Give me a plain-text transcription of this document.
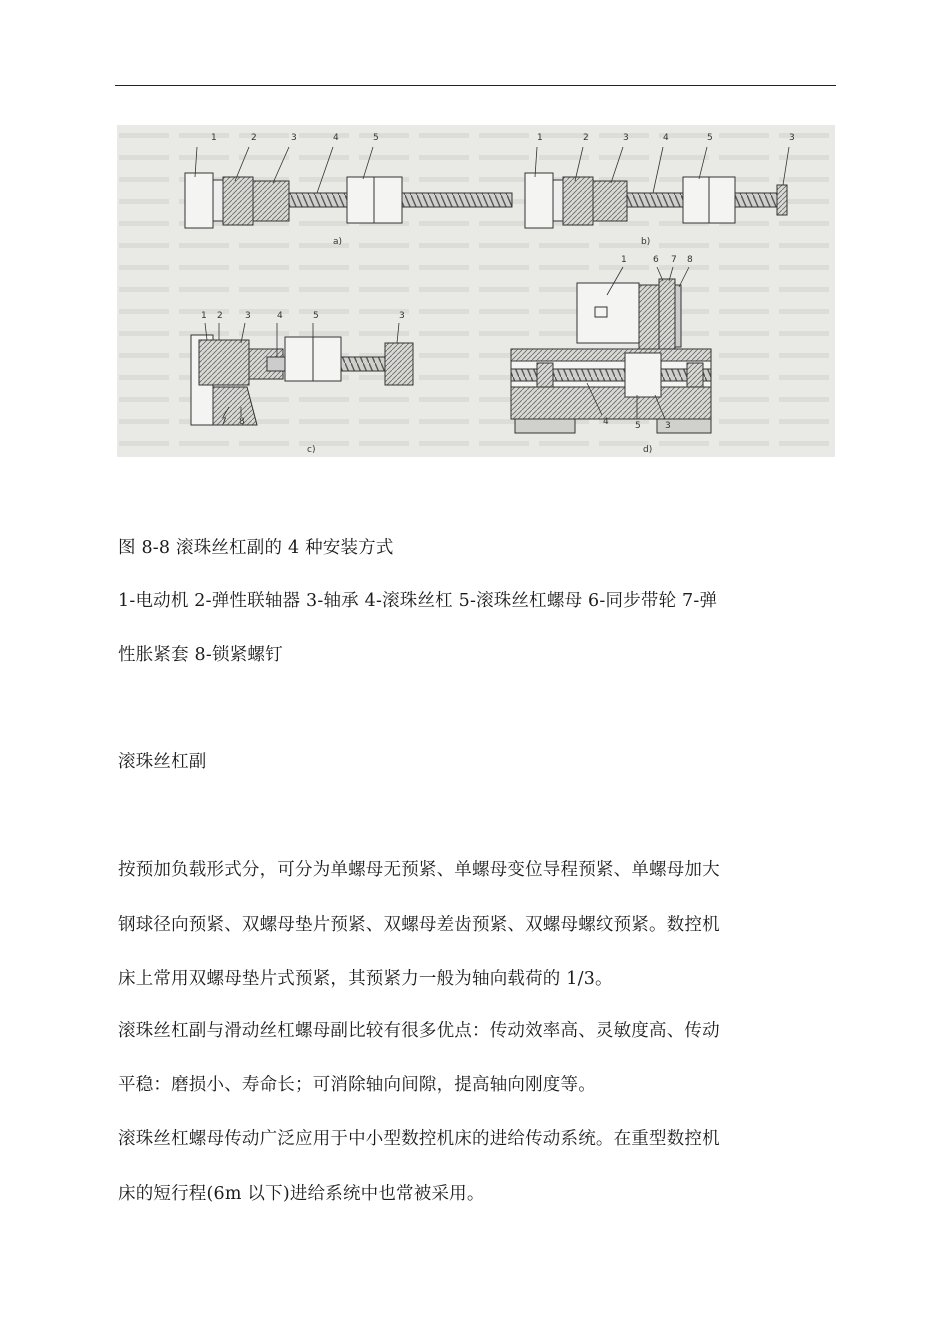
a)	b)
c)	d)
1	2	3	4	5	1	2	3	4	5	3
1 2 3	4	5	3
7 8
1	6 7 8
4	5	3
图 8-8 滚珠丝杠副的 4 种安装方式
1-电动机 2-弹性联轴器 3-轴承 4-滚珠丝杠 5-滚珠丝杠螺母 6-同步带轮 7-弹
性胀紧套 8-锁紧螺钉
滚珠丝杠副
按预加负载形式分，可分为单螺母无预紧、单螺母变位导程预紧、单螺母加大
钢球径向预紧、双螺母垫片预紧、双螺母差齿预紧、双螺母螺纹预紧。数控机
床上常用双螺母垫片式预紧，其预紧力一般为轴向载荷的 1/3。
滚珠丝杠副与滑动丝杠螺母副比较有很多优点：传动效率高、灵敏度高、传动
平稳：磨损小、寿命长；可消除轴向间隙，提高轴向刚度等。
滚珠丝杠螺母传动广泛应用于中小型数控机床的进给传动系统。在重型数控机
床的短行程(6m 以下)进给系统中也常被采用。
